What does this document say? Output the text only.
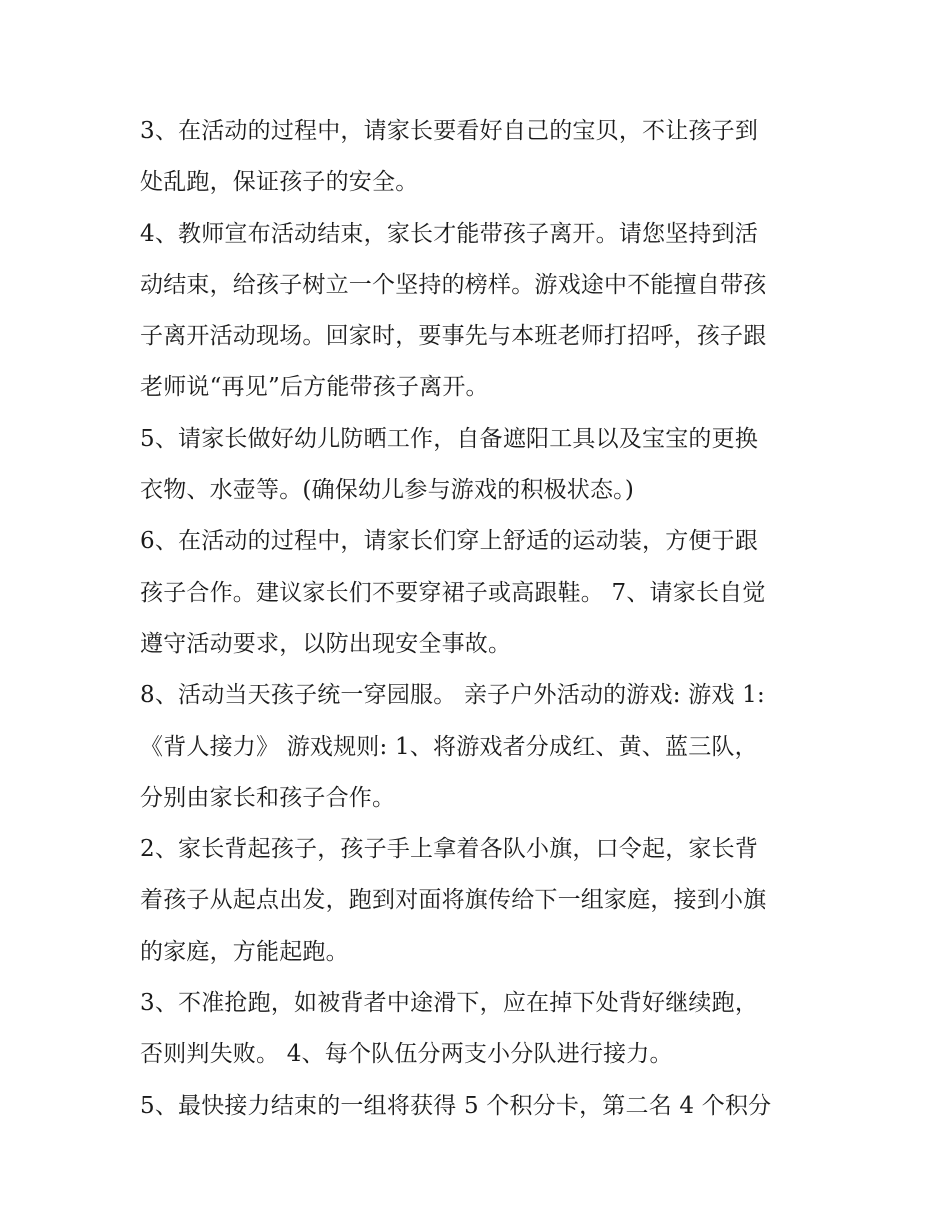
3、在活动的过程中，请家长要看好自己的宝贝，不让孩子到
处乱跑，保证孩子的安全。
4、教师宣布活动结束，家长才能带孩子离开。请您坚持到活
动结束，给孩子树立一个坚持的榜样。游戏途中不能擅自带孩
子离开活动现场。回家时，要事先与本班老师打招呼，孩子跟
老师说“再见”后方能带孩子离开。
5、请家长做好幼儿防晒工作，自备遮阳工具以及宝宝的更换
衣物、水壶等。(确保幼儿参与游戏的积极状态。)
6、在活动的过程中，请家长们穿上舒适的运动装，方便于跟
孩子合作。建议家长们不要穿裙子或高跟鞋。 7、请家长自觉
遵守活动要求，以防出现安全事故。
8、活动当天孩子统一穿园服。 亲子户外活动的游戏: 游戏 1:
《背人接力》 游戏规则: 1、将游戏者分成红、黄、蓝三队，
分别由家长和孩子合作。
2、家长背起孩子，孩子手上拿着各队小旗，口令起，家长背
着孩子从起点出发，跑到对面将旗传给下一组家庭，接到小旗
的家庭，方能起跑。
3、不准抢跑，如被背者中途滑下，应在掉下处背好继续跑，
否则判失败。 4、每个队伍分两支小分队进行接力。
5、最快接力结束的一组将获得 5 个积分卡，第二名 4 个积分
